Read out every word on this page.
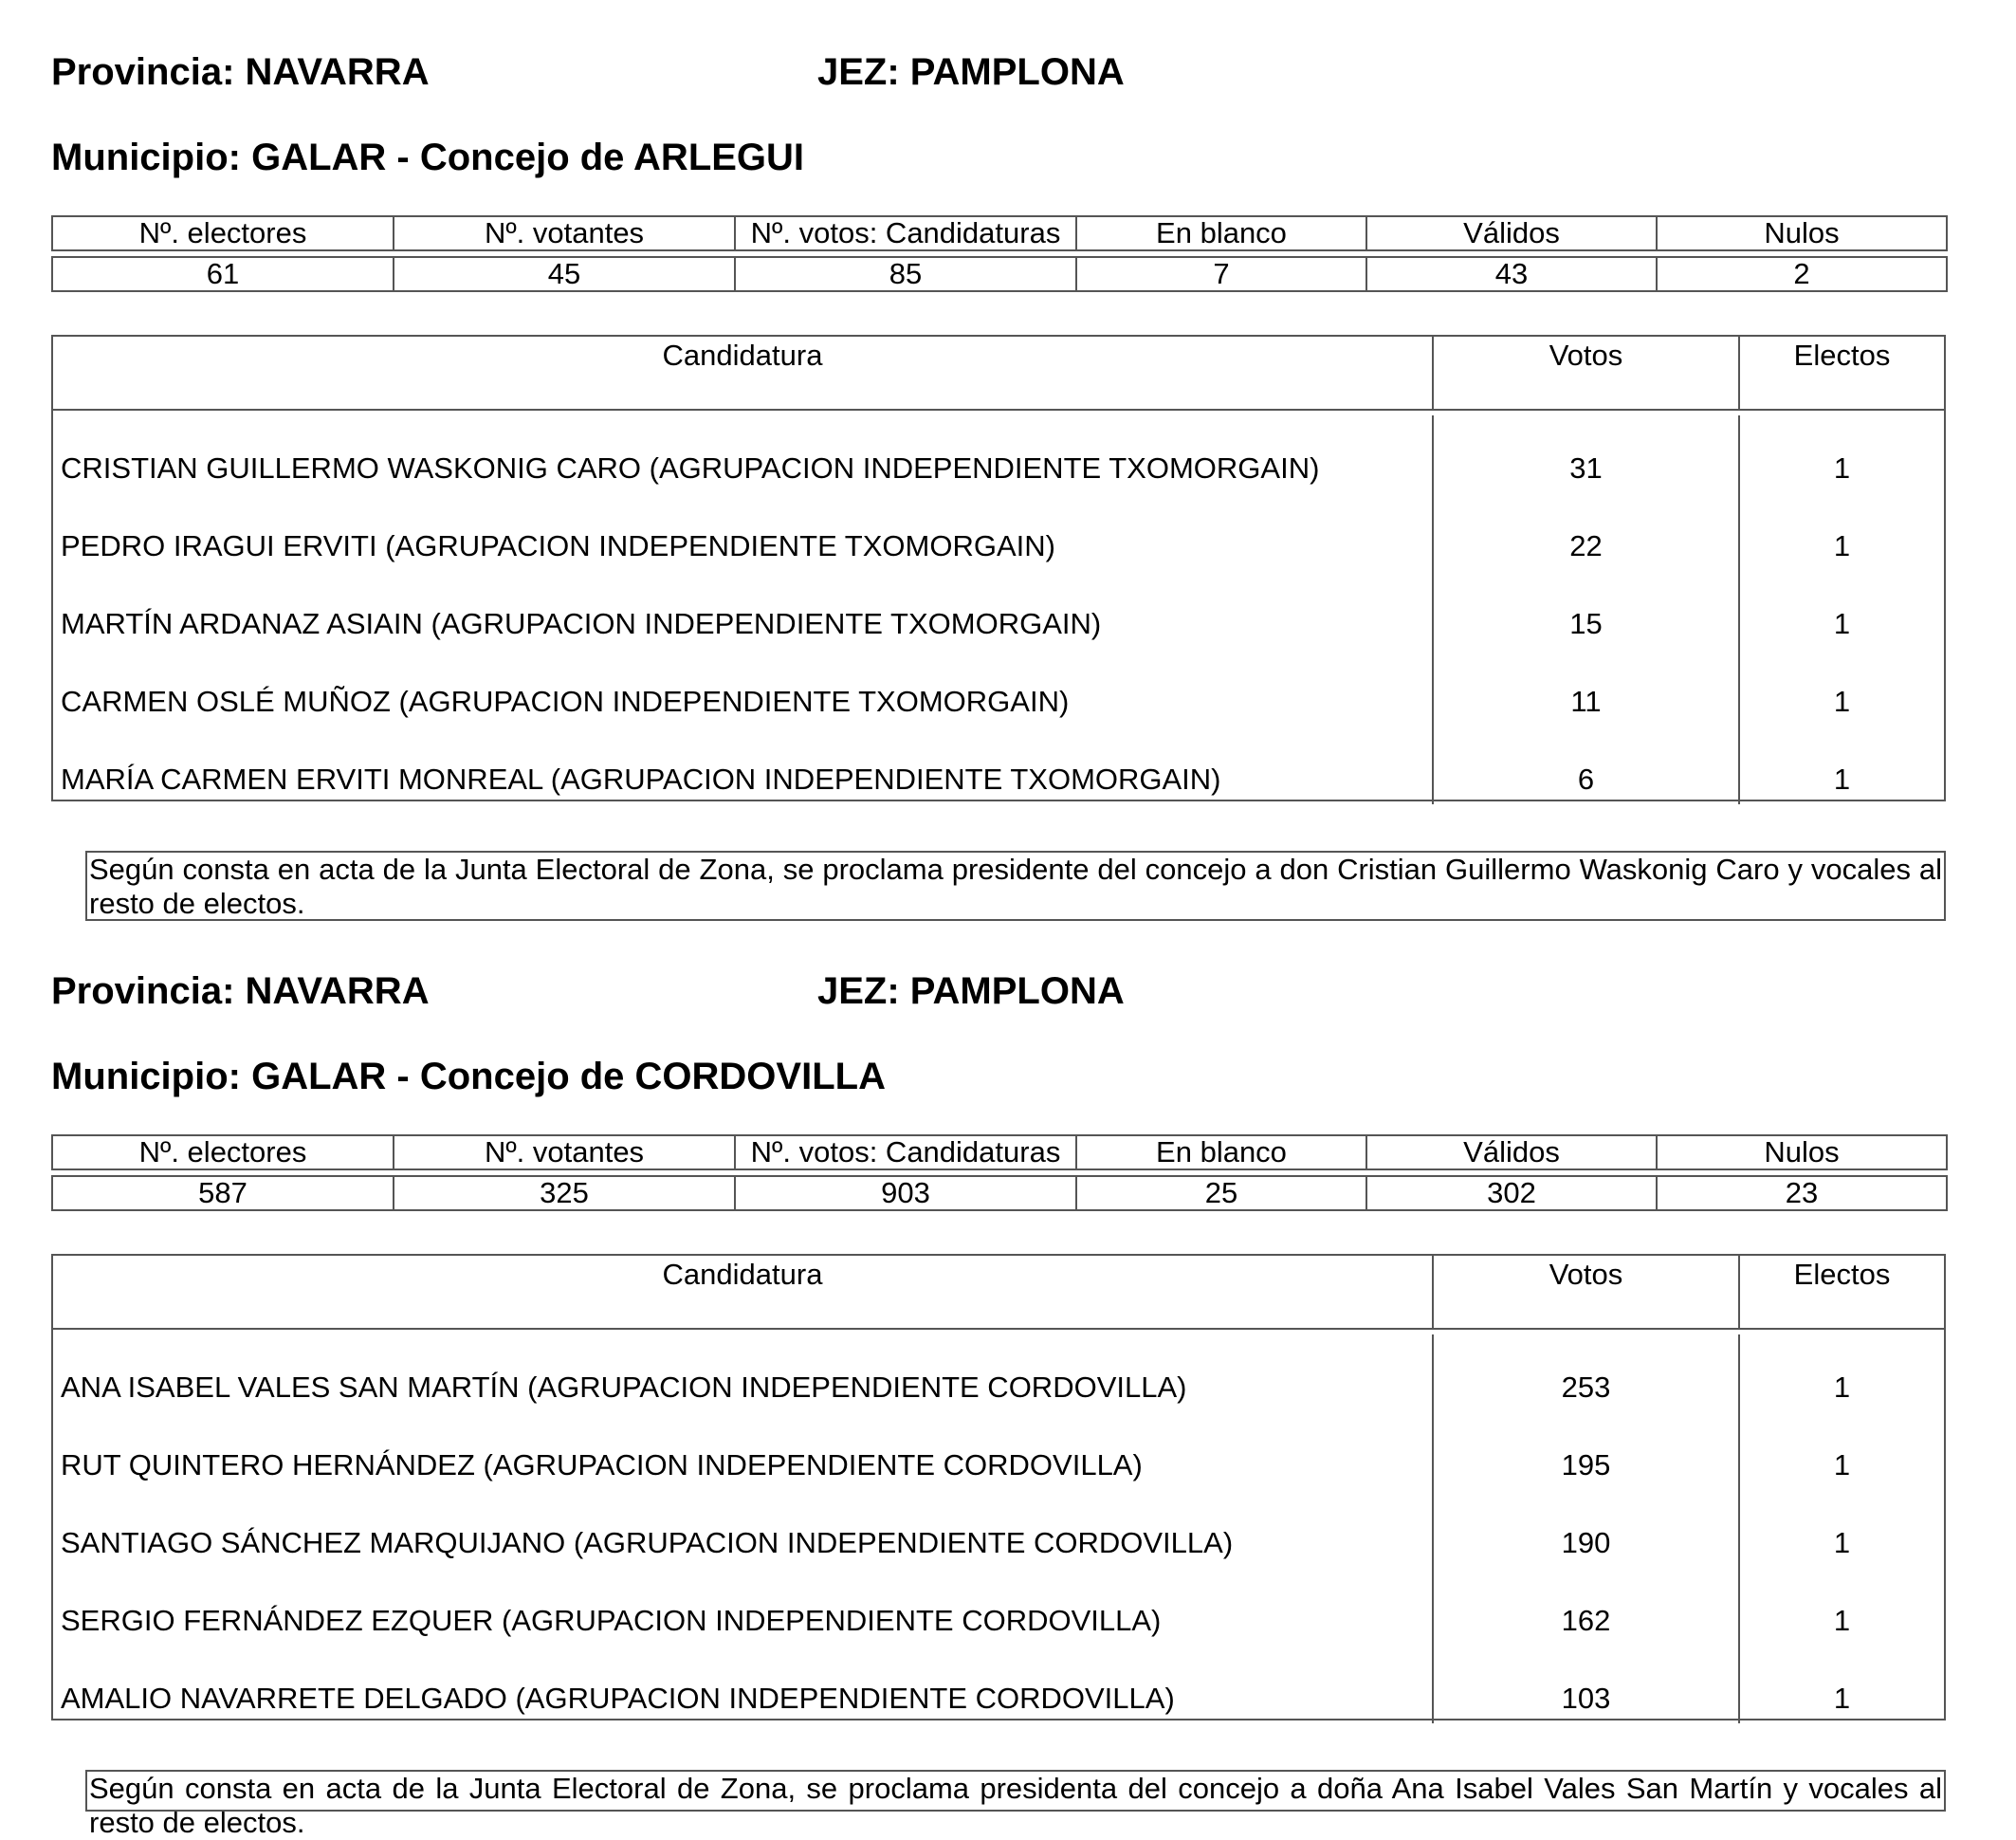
Provincia: NAVARRA	JEZ: PAMPLONA
Municipio: GALAR - Concejo de ARLEGUI
Nº. electores	Nº. votantes	Nº. votos: Candidaturas	En blanco	Válidos	Nulos
61	45	85	7	43	2
Candidatura	Votos	Electos
CRISTIAN GUILLERMO WASKONIG CARO (AGRUPACION INDEPENDIENTE TXOMORGAIN)	31	1
PEDRO IRAGUI ERVITI (AGRUPACION INDEPENDIENTE TXOMORGAIN)	22	1
MARTÍN ARDANAZ ASIAIN (AGRUPACION INDEPENDIENTE TXOMORGAIN)	15	1
CARMEN OSLÉ MUÑOZ (AGRUPACION INDEPENDIENTE TXOMORGAIN)	11	1
MARÍA CARMEN ERVITI MONREAL (AGRUPACION INDEPENDIENTE TXOMORGAIN)	6	1
Según consta en acta de la Junta Electoral de Zona, se proclama presidente del concejo a don Cristian Guillermo Waskonig Caro y vocales al resto de electos.
Provincia: NAVARRA	JEZ: PAMPLONA
Municipio: GALAR - Concejo de CORDOVILLA
Nº. electores	Nº. votantes	Nº. votos: Candidaturas	En blanco	Válidos	Nulos
587	325	903	25	302	23
Candidatura	Votos	Electos
ANA ISABEL VALES SAN MARTÍN (AGRUPACION INDEPENDIENTE CORDOVILLA)	253	1
RUT QUINTERO HERNÁNDEZ (AGRUPACION INDEPENDIENTE CORDOVILLA)	195	1
SANTIAGO SÁNCHEZ MARQUIJANO (AGRUPACION INDEPENDIENTE CORDOVILLA)	190	1
SERGIO FERNÁNDEZ EZQUER (AGRUPACION INDEPENDIENTE CORDOVILLA)	162	1
AMALIO NAVARRETE DELGADO (AGRUPACION INDEPENDIENTE CORDOVILLA)	103	1
Según consta en acta de la Junta Electoral de Zona, se proclama presidenta del concejo a doña Ana Isabel Vales San Martín y vocales al resto de electos.
